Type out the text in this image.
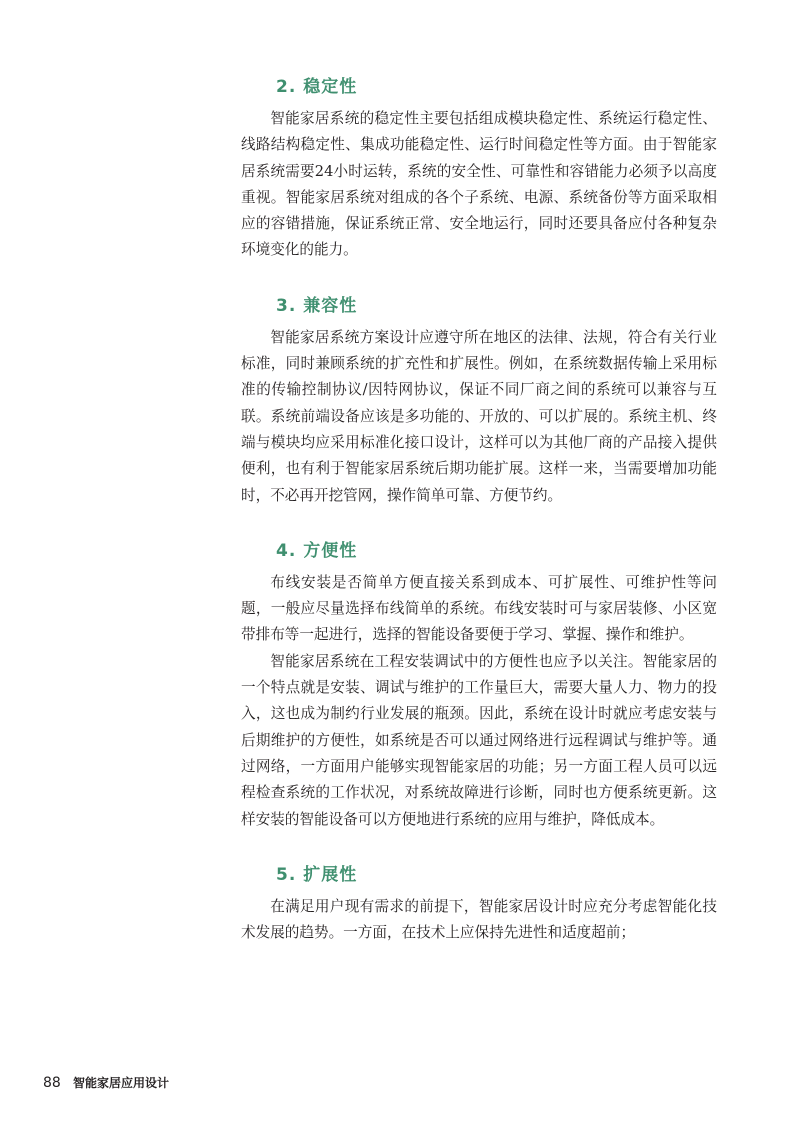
2. 稳定性

智能家居系统的稳定性主要包括组成模块稳定性、系统运行稳定性、线路结构稳定性、集成功能稳定性、运行时间稳定性等方面。由于智能家居系统需要24小时运转，系统的安全性、可靠性和容错能力必须予以高度重视。智能家居系统对组成的各个子系统、电源、系统备份等方面采取相应的容错措施，保证系统正常、安全地运行，同时还要具备应付各种复杂环境变化的能力。

3. 兼容性

智能家居系统方案设计应遵守所在地区的法律、法规，符合有关行业标准，同时兼顾系统的扩充性和扩展性。例如，在系统数据传输上采用标准的传输控制协议/因特网协议，保证不同厂商之间的系统可以兼容与互联。系统前端设备应该是多功能的、开放的、可以扩展的。系统主机、终端与模块均应采用标准化接口设计，这样可以为其他厂商的产品接入提供便利，也有利于智能家居系统后期功能扩展。这样一来，当需要增加功能时，不必再开挖管网，操作简单可靠、方便节约。

4. 方便性

布线安装是否简单方便直接关系到成本、可扩展性、可维护性等问题，一般应尽量选择布线简单的系统。布线安装时可与家居装修、小区宽带排布等一起进行，选择的智能设备要便于学习、掌握、操作和维护。

智能家居系统在工程安装调试中的方便性也应予以关注。智能家居的一个特点就是安装、调试与维护的工作量巨大，需要大量人力、物力的投入，这也成为制约行业发展的瓶颈。因此，系统在设计时就应考虑安装与后期维护的方便性，如系统是否可以通过网络进行远程调试与维护等。通过网络，一方面用户能够实现智能家居的功能；另一方面工程人员可以远程检查系统的工作状况，对系统故障进行诊断，同时也方便系统更新。这样安装的智能设备可以方便地进行系统的应用与维护，降低成本。

5. 扩展性

在满足用户现有需求的前提下，智能家居设计时应充分考虑智能化技术发展的趋势。一方面，在技术上应保持先进性和适度超前；

88 智能家居应用设计
